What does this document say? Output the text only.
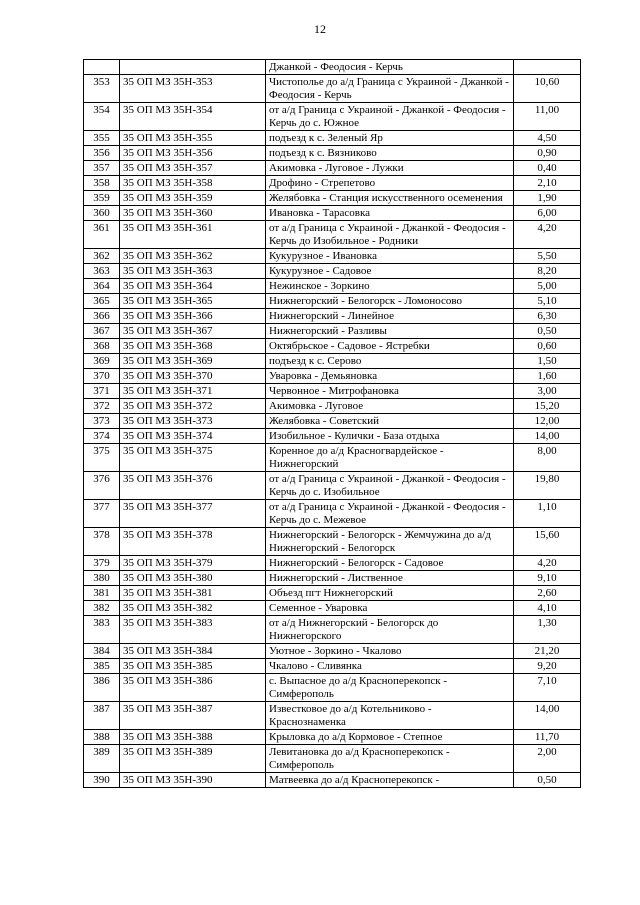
12
		Джанкой - Феодосия - Керчь	
353	35 ОП МЗ 35Н-353	Чистополье до а/д Граница с Украиной - Джанкой - Феодосия - Керчь	10,60
354	35 ОП МЗ 35Н-354	от а/д Граница с Украиной - Джанкой - Феодосия - Керчь до с. Южное	11,00
355	35 ОП МЗ 35Н-355	подъезд к с. Зеленый Яр	4,50
356	35 ОП МЗ 35Н-356	подъезд к с. Вязниково	0,90
357	35 ОП МЗ 35Н-357	Акимовка - Луговое - Лужки	0,40
358	35 ОП МЗ 35Н-358	Дрофино - Стрепетово	2,10
359	35 ОП МЗ 35Н-359	Желябовка - Станция искусственного осеменения	1,90
360	35 ОП МЗ 35Н-360	Ивановка - Тарасовка	6,00
361	35 ОП МЗ 35Н-361	от а/д Граница с Украиной - Джанкой - Феодосия - Керчь до Изобильное - Родники	4,20
362	35 ОП МЗ 35Н-362	Кукурузное - Ивановка	5,50
363	35 ОП МЗ 35Н-363	Кукурузное - Садовое	8,20
364	35 ОП МЗ 35Н-364	Нежинское - Зоркино	5,00
365	35 ОП МЗ 35Н-365	Нижнегорский - Белогорск - Ломоносово	5,10
366	35 ОП МЗ 35Н-366	Нижнегорский - Линейное	6,30
367	35 ОП МЗ 35Н-367	Нижнегорский - Разливы	0,50
368	35 ОП МЗ 35Н-368	Октябрьское - Садовое - Ястребки	0,60
369	35 ОП МЗ 35Н-369	подъезд к с. Серово	1,50
370	35 ОП МЗ 35Н-370	Уваровка - Демьяновка	1,60
371	35 ОП МЗ 35Н-371	Червонное - Митрофановка	3,00
372	35 ОП МЗ 35Н-372	Акимовка - Луговое	15,20
373	35 ОП МЗ 35Н-373	Желябовка - Советский	12,00
374	35 ОП МЗ 35Н-374	Изобильное - Кулички - База отдыха	14,00
375	35 ОП МЗ 35Н-375	Коренное до а/д Красногвардейское - Нижнегорский	8,00
376	35 ОП МЗ 35Н-376	от а/д Граница с Украиной - Джанкой - Феодосия - Керчь до с. Изобильное	19,80
377	35 ОП МЗ 35Н-377	от а/д Граница с Украиной - Джанкой - Феодосия - Керчь до с. Межевое	1,10
378	35 ОП МЗ 35Н-378	Нижнегорский - Белогорск - Жемчужина до а/д Нижнегорский - Белогорск	15,60
379	35 ОП МЗ 35Н-379	Нижнегорский - Белогорск - Садовое	4,20
380	35 ОП МЗ 35Н-380	Нижнегорский - Лиственное	9,10
381	35 ОП МЗ 35Н-381	Объезд пгт Нижнегорский	2,60
382	35 ОП МЗ 35Н-382	Семенное - Уваровка	4,10
383	35 ОП МЗ 35Н-383	от а/д Нижнегорский - Белогорск до Нижнегорского	1,30
384	35 ОП МЗ 35Н-384	Уютное - Зоркино - Чкалово	21,20
385	35 ОП МЗ 35Н-385	Чкалово - Сливянка	9,20
386	35 ОП МЗ 35Н-386	с. Выпасное до а/д Красноперекопск - Симферополь	7,10
387	35 ОП МЗ 35Н-387	Известковое до а/д Котельниково - Краснознаменка	14,00
388	35 ОП МЗ 35Н-388	Крыловка до а/д Кормовое - Степное	11,70
389	35 ОП МЗ 35Н-389	Левитановка до а/д Красноперекопск - Симферополь	2,00
390	35 ОП МЗ 35Н-390	Матвеевка до а/д Красноперекопск -	0,50
